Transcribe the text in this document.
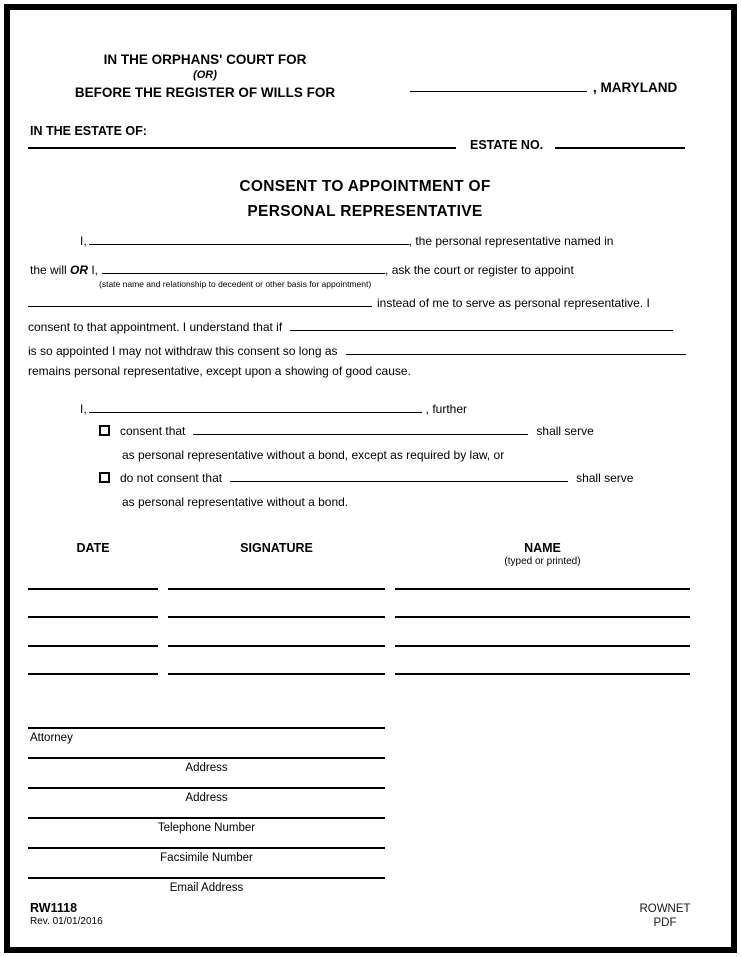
IN THE ORPHANS' COURT FOR
(OR)
BEFORE THE REGISTER OF WILLS FOR	, MARYLAND
IN THE ESTATE OF:
ESTATE NO.
CONSENT TO APPOINTMENT OF
PERSONAL REPRESENTATIVE
I,	, the personal representative named in
the will OR I,	, ask the court or register to appoint
(state name and relationship to decedent or other basis for appointment)
instead of me to serve as personal representative. I
consent to that appointment. I understand that if
is so appointed I may not withdraw this consent so long as
remains personal representative, except upon a showing of good cause.
I,	, further
consent that	shall serve
as personal representative without a bond, except as required by law, or
do not consent that	shall serve
as personal representative without a bond.
DATE	SIGNATURE	NAME
(typed or printed)
Attorney
Address
Address
Telephone Number
Facsimile Number
Email Address
RW1118
Rev. 01/01/2016
ROWNET
PDF
